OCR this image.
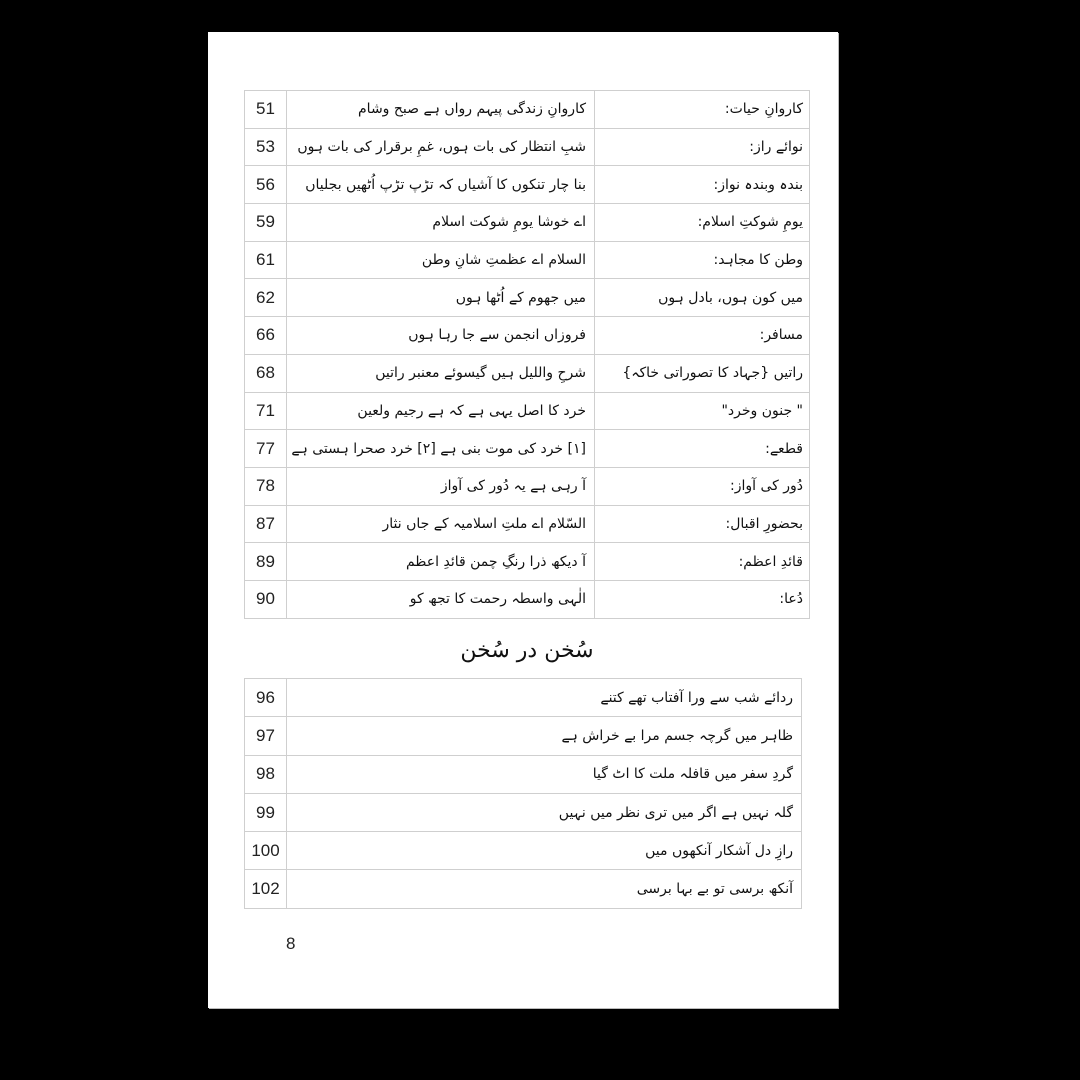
51	کاروانِ زندگی پیہم رواں ہے صبح وشام	کاروانِ حیات:
53	شبِ انتظار کی بات ہوں، غمِ برقرار کی بات ہوں	نوائے راز:
56	بنا چار تنکوں کا آشیاں کہ تڑپ تڑپ اُٹھیں بجلیاں	بندہ وبندہ نواز:
59	اے خوشا یومِ شوکت اسلام	یومِ شوکتِ اسلام:
61	السلام اے عظمتِ شانِ وطن	وطن کا مجاہد:
62	میں جھوم کے اُٹھا ہوں	میں کون ہوں، بادل ہوں
66	فروزاں انجمن سے جا رہا ہوں	مسافر:
68	شرحِ واللیل ہیں گیسوئے معنبر راتیں	راتیں {جہاد کا تصوراتی خاکہ}
71	خرد کا اصل یہی ہے کہ ہے رجیم ولعین	" جنون وخرد"
77	[۱] خرد کی موت بنی ہے [۲] خرد صحرا ہستی ہے	قطعے:
78	آ رہی ہے یہ دُور کی آواز	دُور کی آواز:
87	السّلام اے ملتِ اسلامیہ کے جاں نثار	بحضورِ اقبال:
89	آ دیکھ ذرا رنگِ چمن قائدِ اعظم	قائدِ اعظم:
90	الٰہی واسطہ رحمت کا تجھ کو	دُعا:
سُخن در سُخن
96	ردائے شب سے ورا آفتاب تھے کتنے
97	ظاہر میں گرچہ جسم مرا بے خراش ہے
98	گردِ سفر میں قافلہ ملت کا اٹ گیا
99	گلہ نہیں ہے اگر میں تری نظر میں نہیں
100	رازِ دل آشکار آنکھوں میں
102	آنکھ برسی تو بے بہا برسی
8
